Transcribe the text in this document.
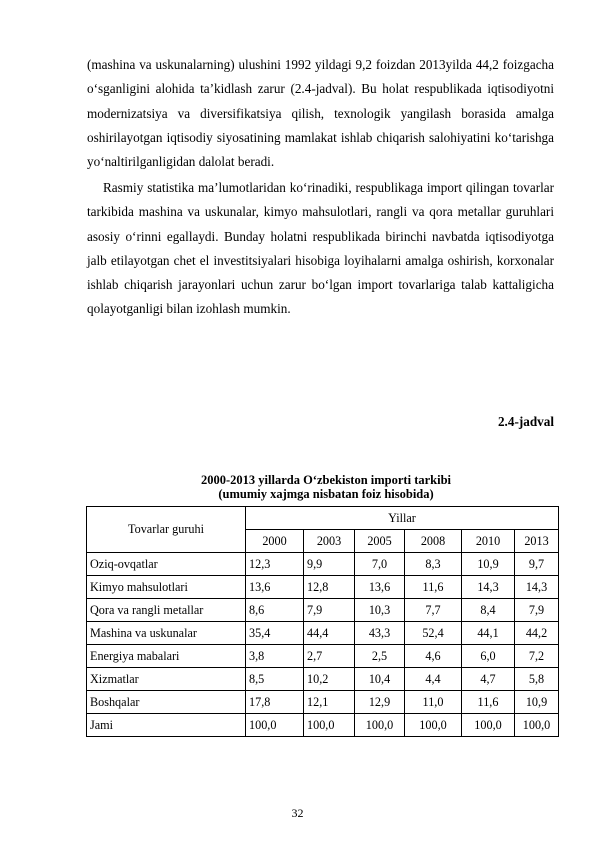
(mashina va uskunalarning) ulushini 1992 yildagi 9,2 foizdan 2013yilda 44,2 foizgacha o‘sganligini alohida ta’kidlash zarur (2.4-jadval). Bu holat respublikada iqtisodiyotni modernizatsiya va diversifikatsiya qilish, texnologik yangilash borasida amalga oshirilayotgan iqtisodiy siyosatining mamlakat ishlab chiqarish salohiyatini ko‘tarishga yo‘naltirilganligidan dalolat beradi.

Rasmiy statistika ma’lumotlaridan ko‘rinadiki, respublikaga import qilingan tovarlar tarkibida mashina va uskunalar, kimyo mahsulotlari, rangli va qora metallar guruhlari asosiy o‘rinni egallaydi. Bunday holatni respublikada birinchi navbatda iqtisodiyotga jalb etilayotgan chet el investitsiyalari hisobiga loyihalarni amalga oshirish, korxonalar ishlab chiqarish jarayonlari uchun zarur bo‘lgan import tovarlariga talab kattaligicha qolayotganligi bilan izohlash mumkin.

2.4-jadval
2000-2013 yillarda O‘zbekiston importi tarkibi
(umumiy xajmga nisbatan foiz hisobida)
Tovarlar guruhi	Yillar					
	2000	2003	2005	2008	2010	2013
Oziq-ovqatlar	12,3	9,9	7,0	8,3	10,9	9,7
Kimyo mahsulotlari	13,6	12,8	13,6	11,6	14,3	14,3
Qora va rangli metallar	8,6	7,9	10,3	7,7	8,4	7,9
Mashina va uskunalar	35,4	44,4	43,3	52,4	44,1	44,2
Energiya mabalari	3,8	2,7	2,5	4,6	6,0	7,2
Xizmatlar	8,5	10,2	10,4	4,4	4,7	5,8
Boshqalar	17,8	12,1	12,9	11,0	11,6	10,9
Jami	100,0	100,0	100,0	100,0	100,0	100,0
32
